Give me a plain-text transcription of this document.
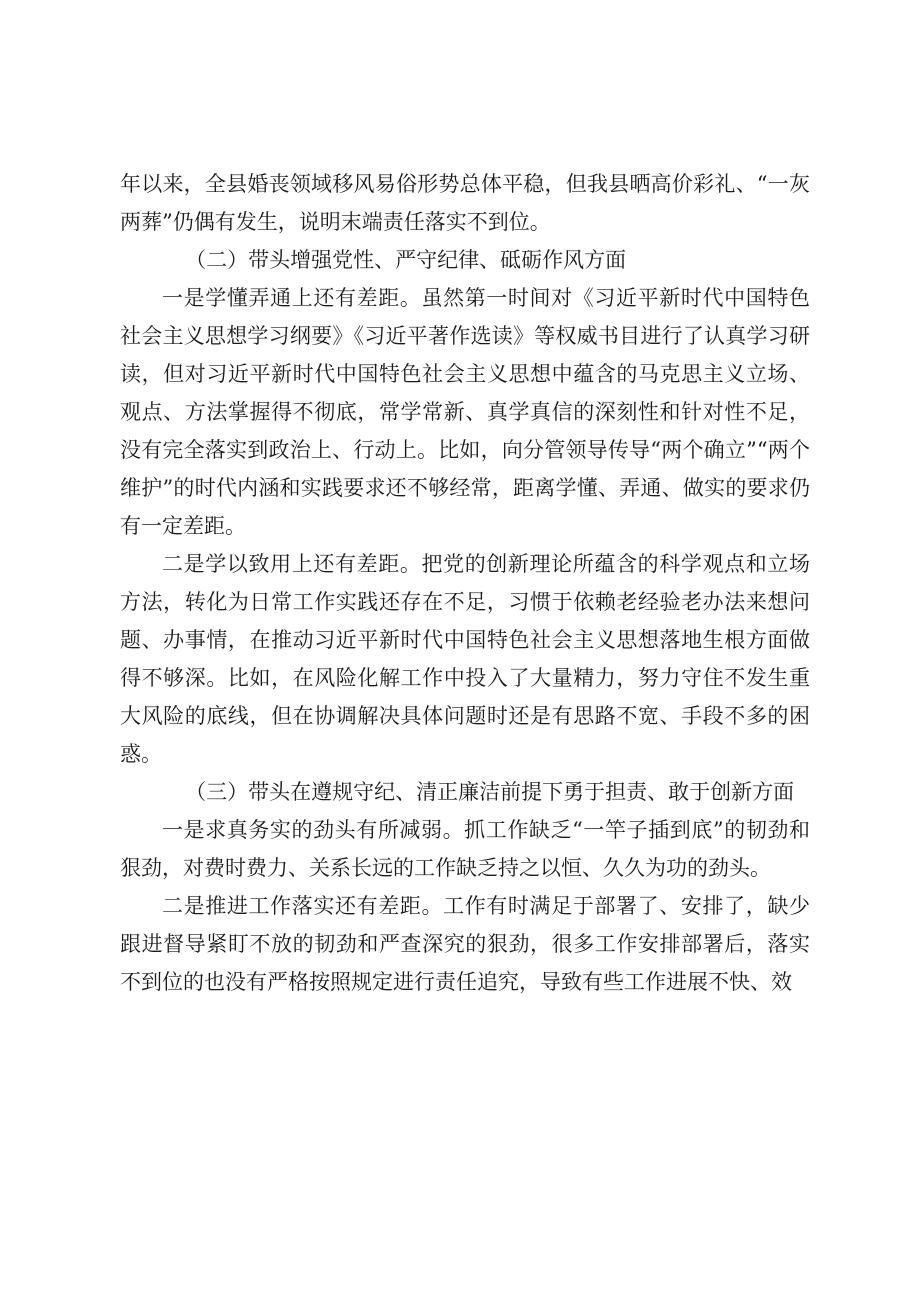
年以来，全县婚丧领域移风易俗形势总体平稳，但我县晒高价彩礼、“一灰两葬”仍偶有发生，说明末端责任落实不到位。

（二）带头增强党性、严守纪律、砥砺作风方面

一是学懂弄通上还有差距。虽然第一时间对《习近平新时代中国特色社会主义思想学习纲要》《习近平著作选读》等权威书目进行了认真学习研读，但对习近平新时代中国特色社会主义思想中蕴含的马克思主义立场、观点、方法掌握得不彻底，常学常新、真学真信的深刻性和针对性不足，没有完全落实到政治上、行动上。比如，向分管领导传导“两个确立”“两个维护”的时代内涵和实践要求还不够经常，距离学懂、弄通、做实的要求仍有一定差距。

二是学以致用上还有差距。把党的创新理论所蕴含的科学观点和立场方法，转化为日常工作实践还存在不足，习惯于依赖老经验老办法来想问题、办事情，在推动习近平新时代中国特色社会主义思想落地生根方面做得不够深。比如，在风险化解工作中投入了大量精力，努力守住不发生重大风险的底线，但在协调解决具体问题时还是有思路不宽、手段不多的困惑。

（三）带头在遵规守纪、清正廉洁前提下勇于担责、敢于创新方面

一是求真务实的劲头有所减弱。抓工作缺乏“一竿子插到底”的韧劲和狠劲，对费时费力、关系长远的工作缺乏持之以恒、久久为功的劲头。

二是推进工作落实还有差距。工作有时满足于部署了、安排了，缺少跟进督导紧盯不放的韧劲和严查深究的狠劲，很多工作安排部署后，落实不到位的也没有严格按照规定进行责任追究，导致有些工作进展不快、效
